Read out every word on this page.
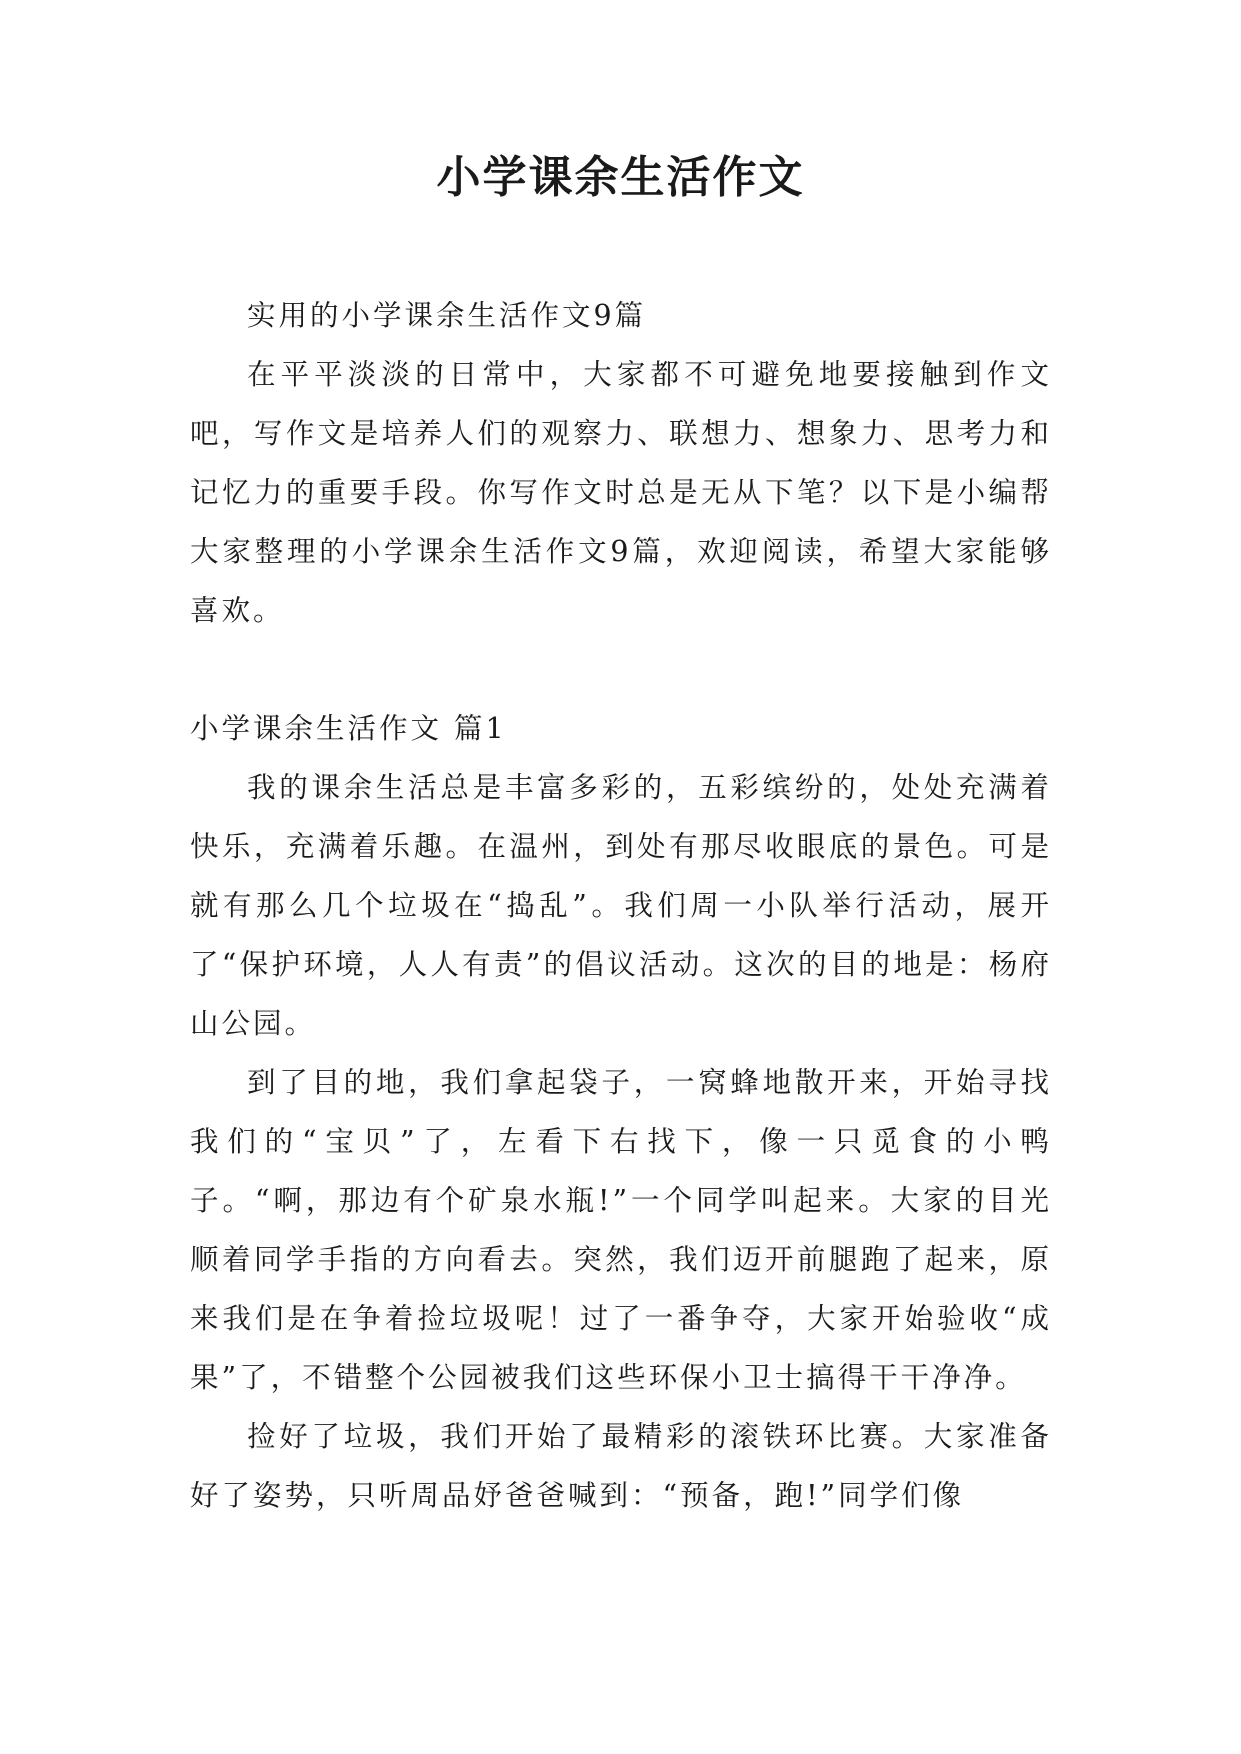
小学课余生活作文

实用的小学课余生活作文9篇

在平平淡淡的日常中，大家都不可避免地要接触到作文吧，写作文是培养人们的观察力、联想力、想象力、思考力和记忆力的重要手段。你写作文时总是无从下笔？以下是小编帮大家整理的小学课余生活作文9篇，欢迎阅读，希望大家能够喜欢。

小学课余生活作文 篇1

我的课余生活总是丰富多彩的，五彩缤纷的，处处充满着快乐，充满着乐趣。在温州，到处有那尽收眼底的景色。可是就有那么几个垃圾在“捣乱”。我们周一小队举行活动，展开了“保护环境，人人有责”的倡议活动。这次的目的地是：杨府山公园。

到了目的地，我们拿起袋子，一窝蜂地散开来，开始寻找我们的“宝贝”了，左看下右找下，像一只觅食的小鸭子。“啊，那边有个矿泉水瓶!”一个同学叫起来。大家的目光顺着同学手指的方向看去。突然，我们迈开前腿跑了起来，原来我们是在争着捡垃圾呢！过了一番争夺，大家开始验收“成果”了，不错整个公园被我们这些环保小卫士搞得干干净净。

捡好了垃圾，我们开始了最精彩的滚铁环比赛。大家准备好了姿势，只听周品妤爸爸喊到：“预备，跑!”同学们像
